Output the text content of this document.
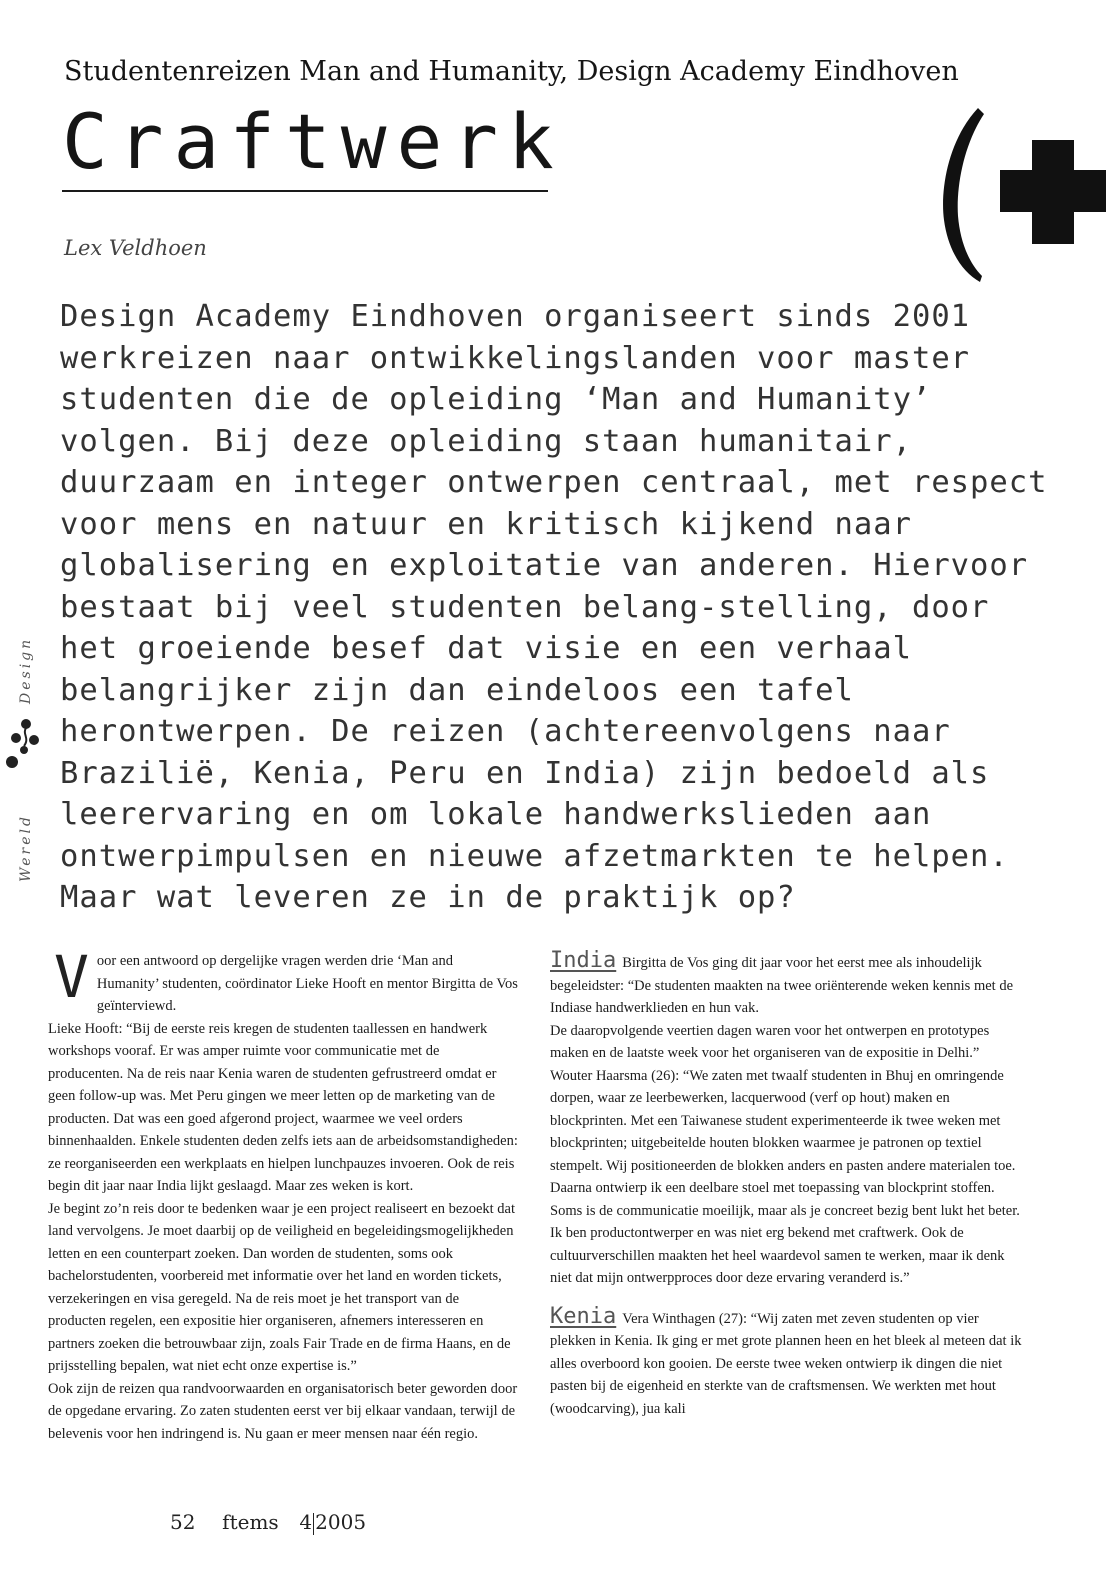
Studentenreizen Man and Humanity, Design Academy Eindhoven
Craftwerk
Lex Veldhoen
Design Academy Eindhoven organiseert sinds 2001 werkreizen naar ontwikkelingslanden voor master studenten die de opleiding ‘Man and Humanity’ volgen. Bij deze opleiding staan humanitair, duurzaam en integer ontwerpen centraal, met respect voor mens en natuur en kritisch kijkend naar globalisering en exploitatie van anderen. Hiervoor bestaat bij veel studenten belang-stelling, door het groeiende besef dat visie en een verhaal belangrijker zijn dan eindeloos een tafel herontwerpen. De reizen (achtereenvolgens naar Brazilië, Kenia, Peru en India) zijn bedoeld als leerervaring en om lokale handwerkslieden aan ontwerpimpulsen en nieuwe afzetmarkten te helpen. Maar wat leveren ze in de praktijk op?
Design
Wereld

V oor een antwoord op dergelijke vragen werden drie ‘Man and Humanity’ studenten, coördinator Lieke Hooft en mentor Birgitta de Vos geïnterviewd.

Lieke Hooft: “Bij de eerste reis kregen de studenten taallessen en handwerk workshops vooraf. Er was amper ruimte voor communicatie met de producenten. Na de reis naar Kenia waren de studenten gefrustreerd omdat er geen follow-up was. Met Peru gingen we meer letten op de marketing van de producten. Dat was een goed afgerond project, waarmee we veel orders binnenhaalden. Enkele studenten deden zelfs iets aan de arbeidsomstandigheden: ze reorganiseerden een werkplaats en hielpen lunchpauzes invoeren. Ook de reis begin dit jaar naar India lijkt geslaagd. Maar zes weken is kort.

Je begint zo’n reis door te bedenken waar je een project realiseert en bezoekt dat land vervolgens. Je moet daarbij op de veiligheid en begeleidingsmogelijkheden letten en een counterpart zoeken. Dan worden de studenten, soms ook bachelorstudenten, voorbereid met informatie over het land en worden tickets, verzekeringen en visa geregeld. Na de reis moet je het transport van de producten regelen, een expositie hier organiseren, afnemers interesseren en partners zoeken die betrouwbaar zijn, zoals Fair Trade en de firma Haans, en de prijsstelling bepalen, wat niet echt onze expertise is.”

Ook zijn de reizen qua randvoorwaarden en organisatorisch beter geworden door de opgedane ervaring. Zo zaten studenten eerst ver bij elkaar vandaan, terwijl de belevenis voor hen indringend is. Nu gaan er meer mensen naar één regio.

India Birgitta de Vos ging dit jaar voor het eerst mee als inhoudelijk begeleidster: “De studenten maakten na twee oriënterende weken kennis met de Indiase handwerklieden en hun vak.

De daaropvolgende veertien dagen waren voor het ontwerpen en prototypes maken en de laatste week voor het organiseren van de expositie in Delhi.”

Wouter Haarsma (26): “We zaten met twaalf studenten in Bhuj en omringende dorpen, waar ze leerbewerken, lacquerwood (verf op hout) maken en blockprinten. Met een Taiwanese student experimenteerde ik twee weken met blockprinten; uitgebeitelde houten blokken waarmee je patronen op textiel stempelt. Wij positioneerden de blokken anders en pasten andere materialen toe. Daarna ontwierp ik een deelbare stoel met toepassing van blockprint stoffen. Soms is de communicatie moeilijk, maar als je concreet bezig bent lukt het beter. Ik ben productontwerper en was niet erg bekend met craftwerk. Ook de cultuurverschillen maakten het heel waardevol samen te werken, maar ik denk niet dat mijn ontwerpproces door deze ervaring veranderd is.”

Kenia Vera Winthagen (27): “Wij zaten met zeven studenten op vier plekken in Kenia. Ik ging er met grote plannen heen en het bleek al meteen dat ik alles overboord kon gooien. De eerste twee weken ontwierp ik dingen die niet pasten bij de eigenheid en sterkte van de craftsmensen. We werkten met hout (woodcarving), jua kali

52 ftems 4 2005
